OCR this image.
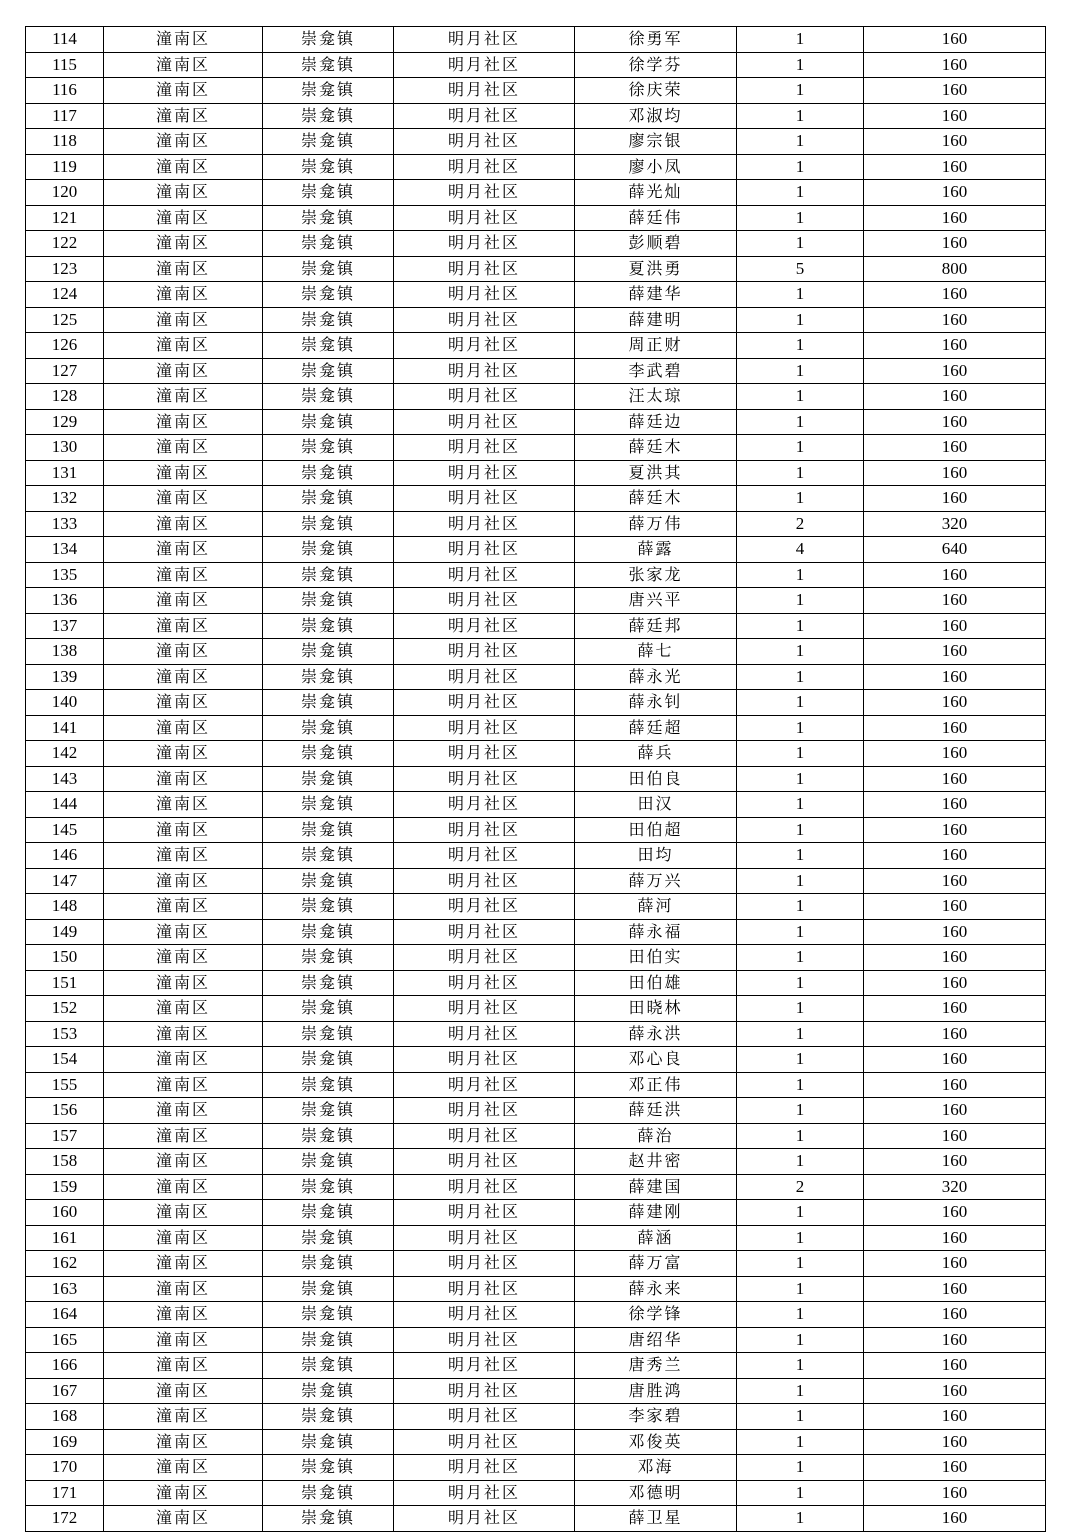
114	潼南区	崇龛镇	明月社区	徐勇军	1	160
115	潼南区	崇龛镇	明月社区	徐学芬	1	160
116	潼南区	崇龛镇	明月社区	徐庆荣	1	160
117	潼南区	崇龛镇	明月社区	邓淑均	1	160
118	潼南区	崇龛镇	明月社区	廖宗银	1	160
119	潼南区	崇龛镇	明月社区	廖小凤	1	160
120	潼南区	崇龛镇	明月社区	薛光灿	1	160
121	潼南区	崇龛镇	明月社区	薛廷伟	1	160
122	潼南区	崇龛镇	明月社区	彭顺碧	1	160
123	潼南区	崇龛镇	明月社区	夏洪勇	5	800
124	潼南区	崇龛镇	明月社区	薛建华	1	160
125	潼南区	崇龛镇	明月社区	薛建明	1	160
126	潼南区	崇龛镇	明月社区	周正财	1	160
127	潼南区	崇龛镇	明月社区	李武碧	1	160
128	潼南区	崇龛镇	明月社区	汪太琼	1	160
129	潼南区	崇龛镇	明月社区	薛廷边	1	160
130	潼南区	崇龛镇	明月社区	薛廷木	1	160
131	潼南区	崇龛镇	明月社区	夏洪其	1	160
132	潼南区	崇龛镇	明月社区	薛廷木	1	160
133	潼南区	崇龛镇	明月社区	薛万伟	2	320
134	潼南区	崇龛镇	明月社区	薛露	4	640
135	潼南区	崇龛镇	明月社区	张家龙	1	160
136	潼南区	崇龛镇	明月社区	唐兴平	1	160
137	潼南区	崇龛镇	明月社区	薛廷邦	1	160
138	潼南区	崇龛镇	明月社区	薛七	1	160
139	潼南区	崇龛镇	明月社区	薛永光	1	160
140	潼南区	崇龛镇	明月社区	薛永钊	1	160
141	潼南区	崇龛镇	明月社区	薛廷超	1	160
142	潼南区	崇龛镇	明月社区	薛兵	1	160
143	潼南区	崇龛镇	明月社区	田伯良	1	160
144	潼南区	崇龛镇	明月社区	田汉	1	160
145	潼南区	崇龛镇	明月社区	田伯超	1	160
146	潼南区	崇龛镇	明月社区	田均	1	160
147	潼南区	崇龛镇	明月社区	薛万兴	1	160
148	潼南区	崇龛镇	明月社区	薛河	1	160
149	潼南区	崇龛镇	明月社区	薛永福	1	160
150	潼南区	崇龛镇	明月社区	田伯实	1	160
151	潼南区	崇龛镇	明月社区	田伯雄	1	160
152	潼南区	崇龛镇	明月社区	田晓林	1	160
153	潼南区	崇龛镇	明月社区	薛永洪	1	160
154	潼南区	崇龛镇	明月社区	邓心良	1	160
155	潼南区	崇龛镇	明月社区	邓正伟	1	160
156	潼南区	崇龛镇	明月社区	薛廷洪	1	160
157	潼南区	崇龛镇	明月社区	薛治	1	160
158	潼南区	崇龛镇	明月社区	赵井密	1	160
159	潼南区	崇龛镇	明月社区	薛建国	2	320
160	潼南区	崇龛镇	明月社区	薛建刚	1	160
161	潼南区	崇龛镇	明月社区	薛涵	1	160
162	潼南区	崇龛镇	明月社区	薛万富	1	160
163	潼南区	崇龛镇	明月社区	薛永来	1	160
164	潼南区	崇龛镇	明月社区	徐学锋	1	160
165	潼南区	崇龛镇	明月社区	唐绍华	1	160
166	潼南区	崇龛镇	明月社区	唐秀兰	1	160
167	潼南区	崇龛镇	明月社区	唐胜鸿	1	160
168	潼南区	崇龛镇	明月社区	李家碧	1	160
169	潼南区	崇龛镇	明月社区	邓俊英	1	160
170	潼南区	崇龛镇	明月社区	邓海	1	160
171	潼南区	崇龛镇	明月社区	邓德明	1	160
172	潼南区	崇龛镇	明月社区	薛卫星	1	160
